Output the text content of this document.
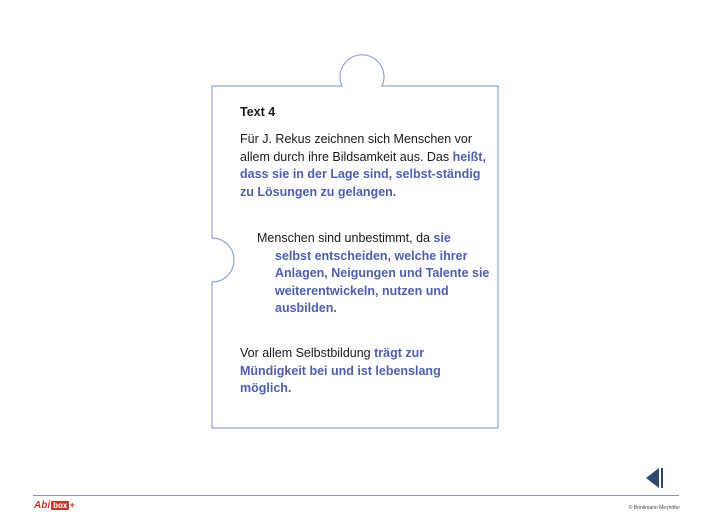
Text 4

Für J. Rekus zeichnen sich Menschen vor allem durch ihre Bildsamkeit aus. Das heißt, dass sie in der Lage sind, selbst-ständig zu Lösungen zu gelangen.
Menschen sind unbestimmt, da sie
selbst entscheiden, welche ihrer Anlagen, Neigungen und Talente sie weiterentwickeln, nutzen und ausbilden.
Vor allem Selbstbildung trägt zur Mündigkeit bei und ist lebenslang möglich.
Abi box +	© Brinkmann Meyhöfer
